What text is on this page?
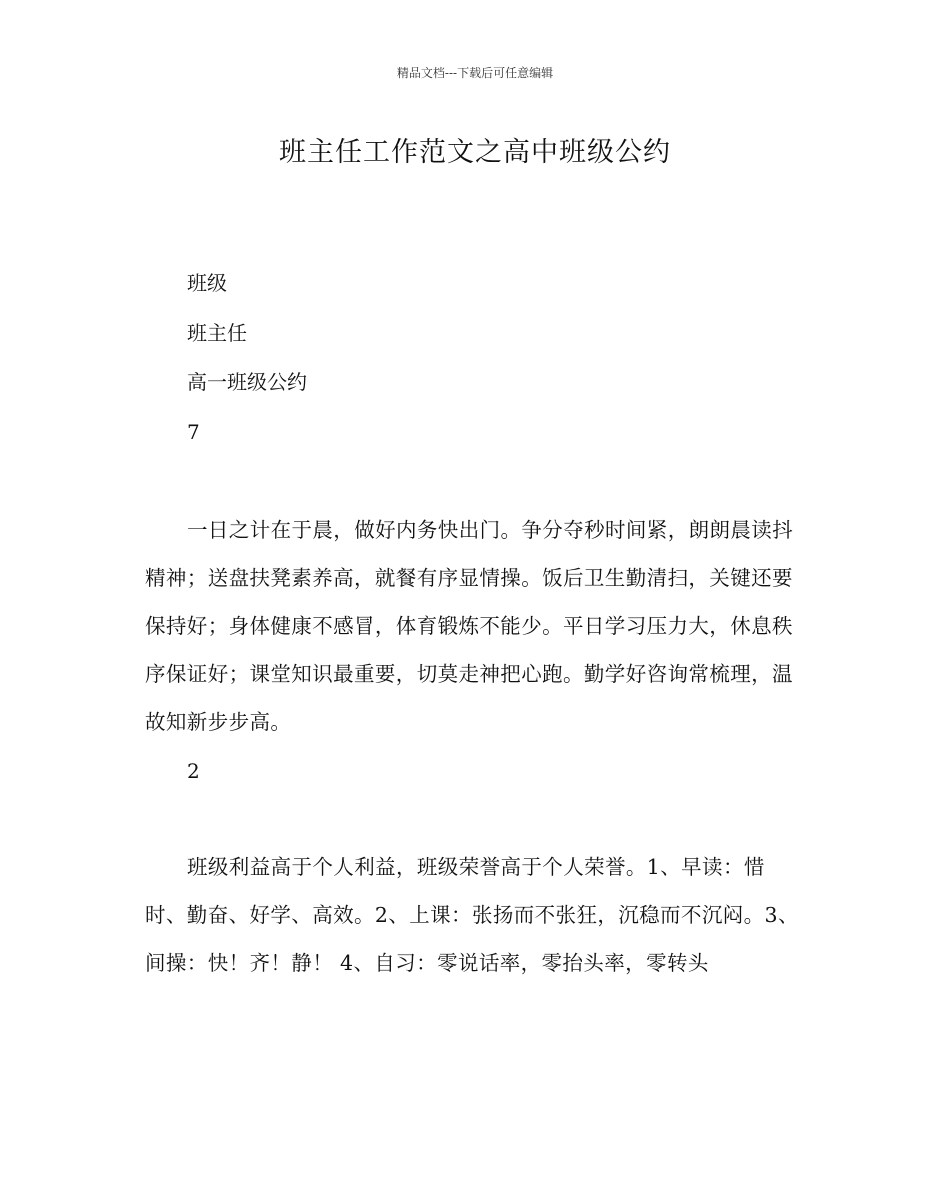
精品文档---下载后可任意编辑
班主任工作范文之高中班级公约

班级

班主任

高一班级公约

7

一日之计在于晨，做好内务快出门。争分夺秒时间紧，朗朗晨读抖精神；送盘扶凳素养高，就餐有序显情操。饭后卫生勤清扫，关键还要保持好；身体健康不感冒，体育锻炼不能少。平日学习压力大，休息秩序保证好；课堂知识最重要，切莫走神把心跑。勤学好咨询常梳理，温故知新步步高。

2

班级利益高于个人利益，班级荣誉高于个人荣誉。1、早读：惜时、勤奋、好学、高效。2、上课：张扬而不张狂，沉稳而不沉闷。3、间操：快！齐！静！ 4、自习：零说话率，零抬头率，零转头
